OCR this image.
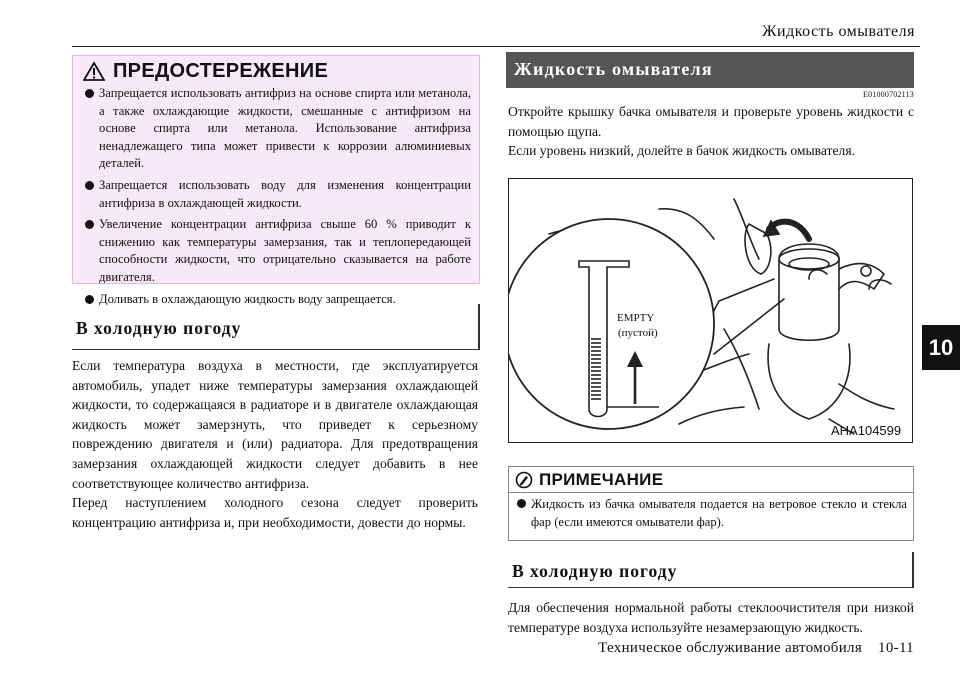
Жидкость омывателя
10
ПРЕДОСТЕРЕЖЕНИЕ
Запрещается использовать антифриз на основе спирта или метанола, а также охлаждающие жидкости, смешанные с антифризом на основе спирта или метанола. Использование антифриза ненадлежащего типа может привести к коррозии алюминиевых деталей.
Запрещается использовать воду для изменения концентрации антифриза в охлаждающей жидкости.
Увеличение концентрации антифриза свыше 60 % приводит к снижению как температуры замерзания, так и теплопередающей способности жидкости, что отрицательно сказывается на работе двигателя.
Доливать в охлаждающую жидкость воду запрещается.
В холодную погоду

Если температура воздуха в местности, где эксплуатируется автомобиль, упадет ниже температуры замерзания охлаждающей жидкости, то содержащаяся в радиаторе и в двигателе охлаждающая жидкость может замерзнуть, что приведет к серьезному повреждению двигателя и (или) радиатора. Для предотвращения замерзания охлаждающей жидкости следует добавить в нее соответствующее количество антифриза.

Перед наступлением холодного сезона следует проверить концентрацию антифриза и, при необходимости, довести до нормы.

Жидкость омывателя
E01000702113

Откройте крышку бачка омывателя и проверьте уровень жидкости с помощью щупа.

Если уровень низкий, долейте в бачок жидкость омывателя.

EMPTY
(пустой)
AHA104599
ПРИМЕЧАНИЕ
Жидкость из бачка омывателя подается на ветровое стекло и стекла фар (если имеются омыватели фар).
В холодную погоду

Для обеспечения нормальной работы стеклоочистителя при низкой температуре воздуха используйте незамерзающую жидкость.

Техническое обслуживание автомобиля 10-11
